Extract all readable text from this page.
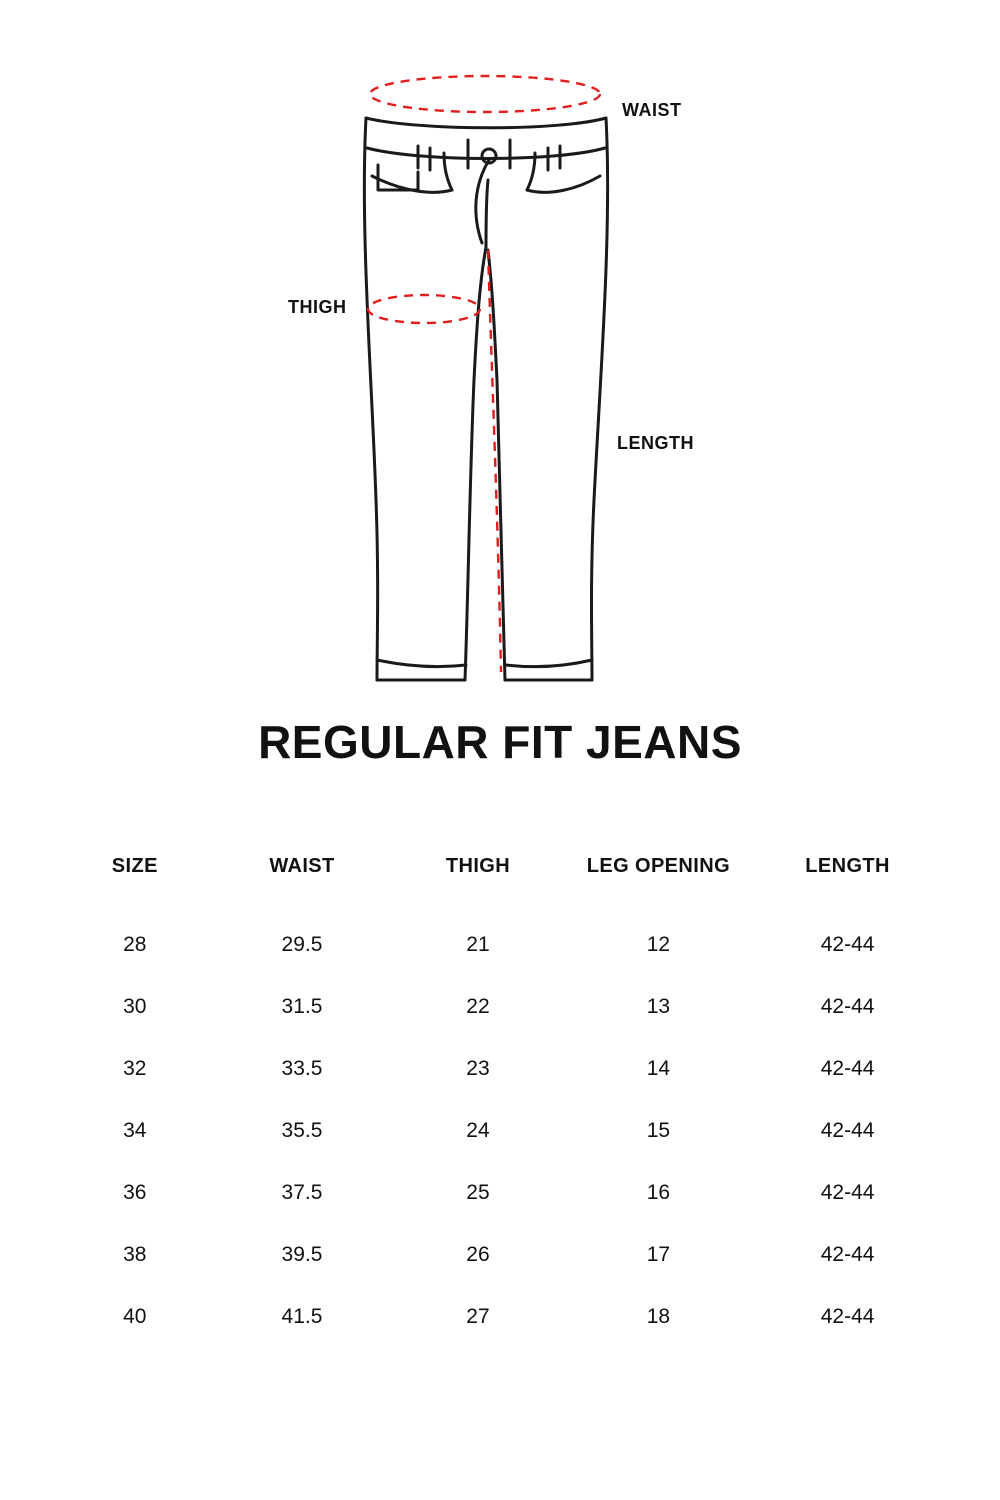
WAIST
THIGH
LENGTH
REGULAR FIT JEANS
SIZE	WAIST	THIGH	LEG OPENING	LENGTH
28	29.5	21	12	42-44
30	31.5	22	13	42-44
32	33.5	23	14	42-44
34	35.5	24	15	42-44
36	37.5	25	16	42-44
38	39.5	26	17	42-44
40	41.5	27	18	42-44
